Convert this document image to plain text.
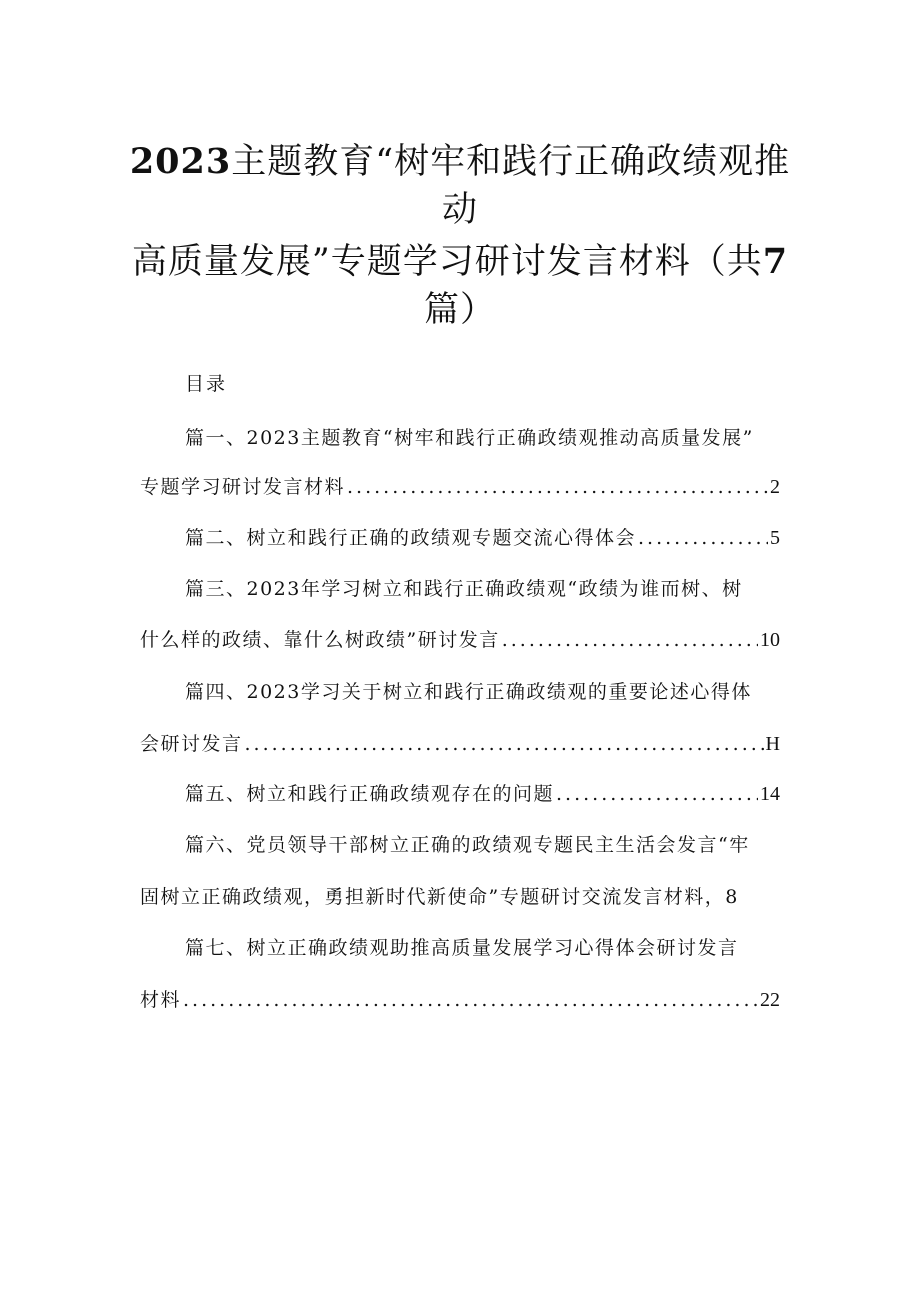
2023主题教育“树牢和践行正确政绩观推
动
高质量发展”专题学习研讨发言材料（共7
篇）
目录
篇一、2023主题教育“树牢和践行正确政绩观推动高质量发展”
专题学习研讨发言材料 .....	2
篇二、树立和践行正确的政绩观专题交流心得体会 .....	5
篇三、2023年学习树立和践行正确政绩观“政绩为谁而树、树
什么样的政绩、靠什么树政绩”研讨发言 .....	10
篇四、2023学习关于树立和践行正确政绩观的重要论述心得体
会研讨发言 .....	H
篇五、树立和践行正确政绩观存在的问题 .....	14
篇六、党员领导干部树立正确的政绩观专题民主生活会发言“牢
固树立正确政绩观，勇担新时代新使命”专题研讨交流发言材料，8
篇七、树立正确政绩观助推高质量发展学习心得体会研讨发言
材料 .....	22
